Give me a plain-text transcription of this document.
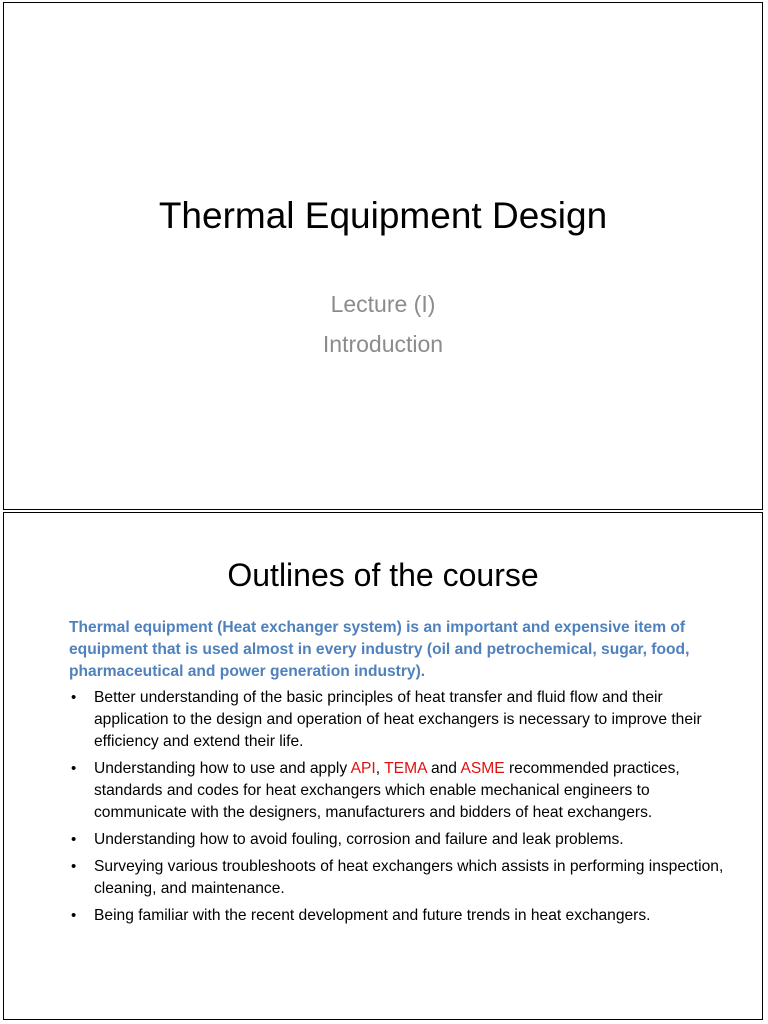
Thermal Equipment Design
Lecture (I)
Introduction
Outlines of the course
Thermal equipment (Heat exchanger system) is an important and expensive item of equipment that is used almost in every industry (oil and petrochemical, sugar, food, pharmaceutical and power generation industry).
• Better understanding of the basic principles of heat transfer and fluid flow and their application to the design and operation of heat exchangers is necessary to improve their efficiency and extend their life.
• Understanding how to use and apply API, TEMA and ASME recommended practices, standards and codes for heat exchangers which enable mechanical engineers to communicate with the designers, manufacturers and bidders of heat exchangers.
• Understanding how to avoid fouling, corrosion and failure and leak problems.
• Surveying various troubleshoots of heat exchangers which assists in performing inspection, cleaning, and maintenance.
• Being familiar with the recent development and future trends in heat exchangers.
